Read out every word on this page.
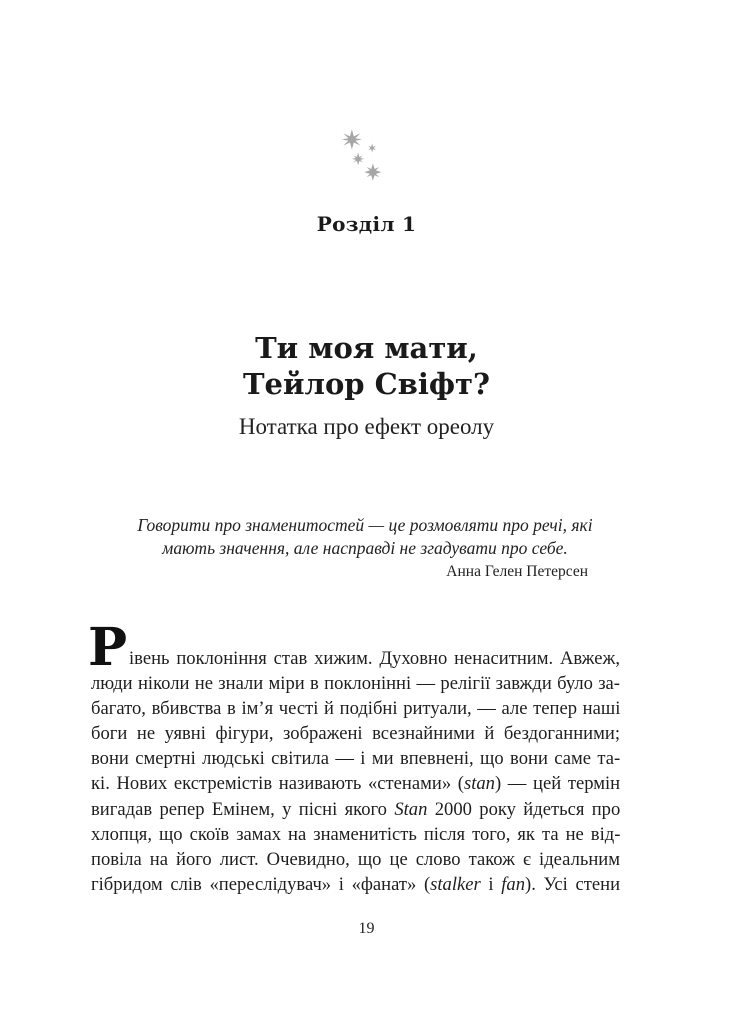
Розділ 1
Ти моя мати,
Тейлор Свіфт?
Нотатка про ефект ореолу

Говорити про знаменитостей — це розмовляти про речі, які
мають значення, але насправді не згадувати про себе.

Анна Гелен Петерсен

Р івень поклоніння став хижим. Духовно ненаситним. Авжеж,
люди ніколи не знали міри в поклонінні — релігії завжди було за-
багато, вбивства в ім’я честі й подібні ритуали, — але тепер наші
боги не уявні фігури, зображені всезнайними й бездоганними;
вони смертні людські світила — і ми впевнені, що вони саме та-
кі. Нових екстремістів називають «стенами» (stan) — цей термін
вигадав репер Емінем, у пісні якого Stan 2000 року йдеться про
хлопця, що скоїв замах на знаменитість після того, як та не від-
повіла на його лист. Очевидно, що це слово також є ідеальним
гібридом слів «переслідувач» і «фанат» (stalker і fan). Усі стени
19
